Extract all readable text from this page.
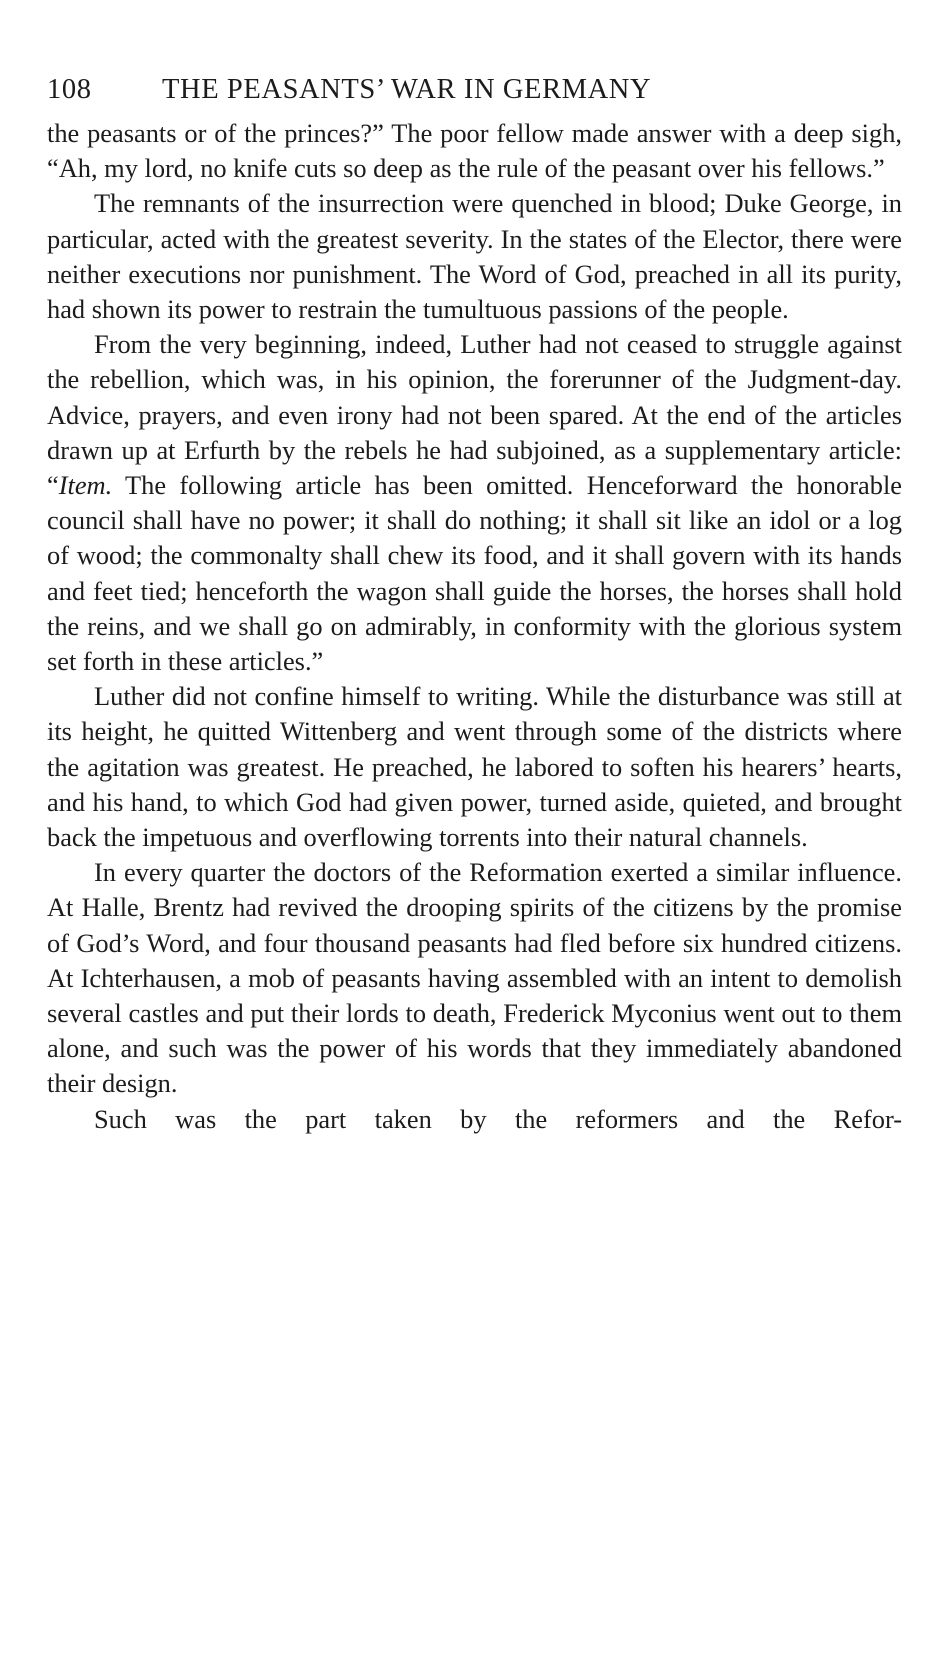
108 THE PEASANTS’ WAR IN GERMANY

the peasants or of the princes?” The poor fellow made answer with a deep sigh, “Ah, my lord, no knife cuts so deep as the rule of the peasant over his fellows.”

The remnants of the insurrection were quenched in blood; Duke George, in particular, acted with the greatest severity. In the states of the Elector, there were neither executions nor punishment. The Word of God, preached in all its purity, had shown its power to restrain the tumultuous passions of the people.

From the very beginning, indeed, Luther had not ceased to struggle against the rebellion, which was, in his opinion, the forerunner of the Judgment-day. Advice, prayers, and even irony had not been spared. At the end of the articles drawn up at Erfurth by the rebels he had subjoined, as a supplementary article: “Item. The following article has been omitted. Henceforward the honorable council shall have no power; it shall do nothing; it shall sit like an idol or a log of wood; the commonalty shall chew its food, and it shall govern with its hands and feet tied; henceforth the wagon shall guide the horses, the horses shall hold the reins, and we shall go on admirably, in conformity with the glorious system set forth in these articles.”

Luther did not confine himself to writing. While the disturbance was still at its height, he quitted Wittenberg and went through some of the districts where the agitation was greatest. He preached, he labored to soften his hearers’ hearts, and his hand, to which God had given power, turned aside, quieted, and brought back the impetuous and overflowing torrents into their natural channels.

In every quarter the doctors of the Reformation exerted a similar influence. At Halle, Brentz had revived the drooping spirits of the citizens by the promise of God’s Word, and four thousand peasants had fled before six hundred citizens. At Ichterhausen, a mob of peasants having assembled with an intent to demolish several castles and put their lords to death, Frederick Myconius went out to them alone, and such was the power of his words that they immediately abandoned their design.

Such was the part taken by the reformers and the Refor-
